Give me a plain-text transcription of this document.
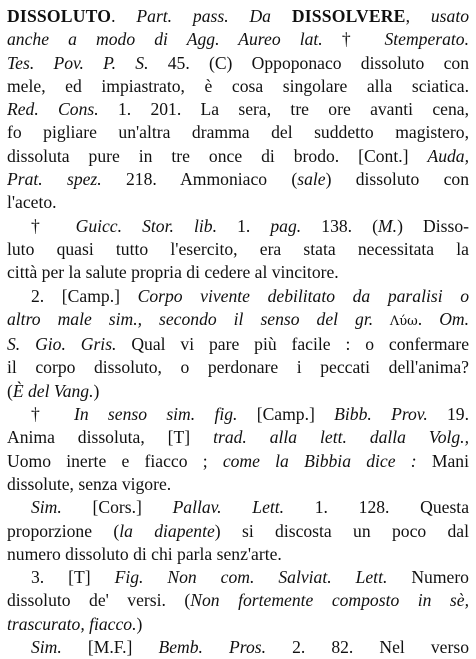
DISSOLUTO. Part. pass. Da DISSOLVERE, usato
anche a modo di Agg. Aureo lat. † Stemperato.
Tes. Pov. P. S. 45. (C) Oppoponaco dissoluto con
mele, ed impiastrato, è cosa singolare alla sciatica.
Red. Cons. 1. 201. La sera, tre ore avanti cena,
fo pigliare un'altra dramma del suddetto magistero,
dissoluta pure in tre once di brodo. [Cont.] Auda,
Prat. spez. 218. Ammoniaco (sale) dissoluto con
l'aceto.
† Guicc. Stor. lib. 1. pag. 138. (M.) Disso-
luto quasi tutto l'esercito, era stata necessitata la
città per la salute propria di cedere al vincitore.
2. [Camp.] Corpo vivente debilitato da paralisi o
altro male sim., secondo il senso del gr. Λύω. Om.
S. Gio. Gris. Qual vi pare più facile : o confermare
il corpo dissoluto, o perdonare i peccati dell'anima?
(È del Vang.)
† In senso sim. fig. [Camp.] Bibb. Prov. 19.
Anima dissoluta, [T] trad. alla lett. dalla Volg.,
Uomo inerte e fiacco ; come la Bibbia dice : Mani
dissolute, senza vigore.
Sim. [Cors.] Pallav. Lett. 1. 128. Questa
proporzione (la diapente) si discosta un poco dal
numero dissoluto di chi parla senz'arte.
3. [T] Fig. Non com. Salviat. Lett. Numero
dissoluto de' versi. (Non fortemente composto in sè,
trascurato, fiacco.)
Sim. [M.F.] Bemb. Pros. 2. 82. Nel verso
